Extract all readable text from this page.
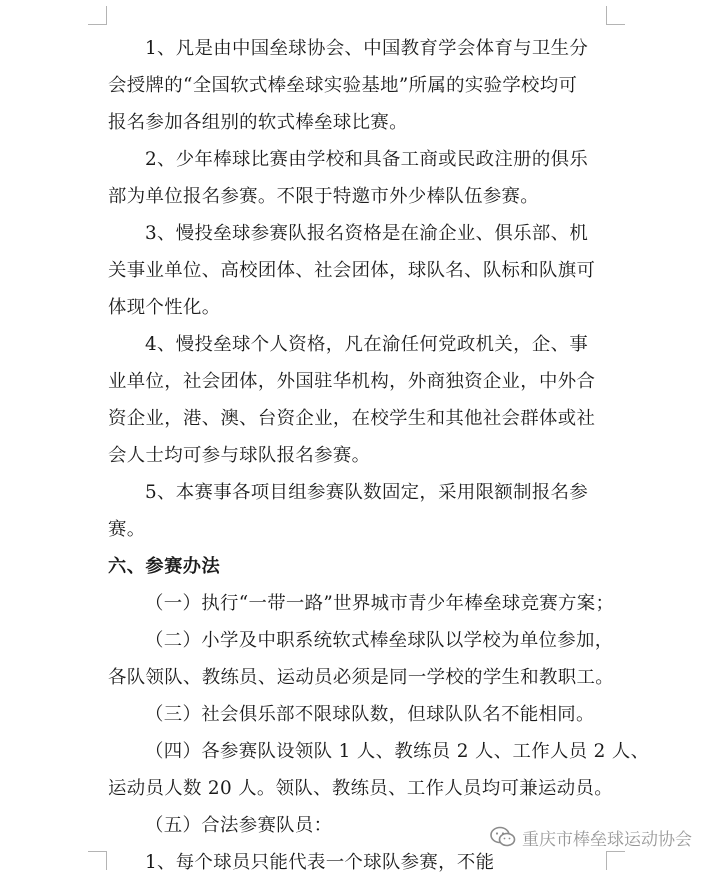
1、凡是由中国垒球协会、中国教育学会体育与卫生分
会授牌的“全国软式棒垒球实验基地”所属的实验学校均可
报名参加各组别的软式棒垒球比赛。
2、少年棒球比赛由学校和具备工商或民政注册的俱乐
部为单位报名参赛。不限于特邀市外少棒队伍参赛。
3、慢投垒球参赛队报名资格是在渝企业、俱乐部、机
关事业单位、高校团体、社会团体，球队名、队标和队旗可
体现个性化。
4、慢投垒球个人资格，凡在渝任何党政机关，企、事
业单位，社会团体，外国驻华机构，外商独资企业，中外合
资企业，港、澳、台资企业，在校学生和其他社会群体或社
会人士均可参与球队报名参赛。
5、本赛事各项目组参赛队数固定，采用限额制报名参
赛。
六、参赛办法
（一）执行“一带一路”世界城市青少年棒垒球竞赛方案；
（二）小学及中职系统软式棒垒球队以学校为单位参加，
各队领队、教练员、运动员必须是同一学校的学生和教职工。
（三）社会俱乐部不限球队数，但球队队名不能相同。
（四）各参赛队设领队 1 人、教练员 2 人、工作人员 2 人、
运动员人数 20 人。领队、教练员、工作人员均可兼运动员。
（五）合法参赛队员：
1、每个球员只能代表一个球队参赛，不能
重庆市棒垒球运动协会
